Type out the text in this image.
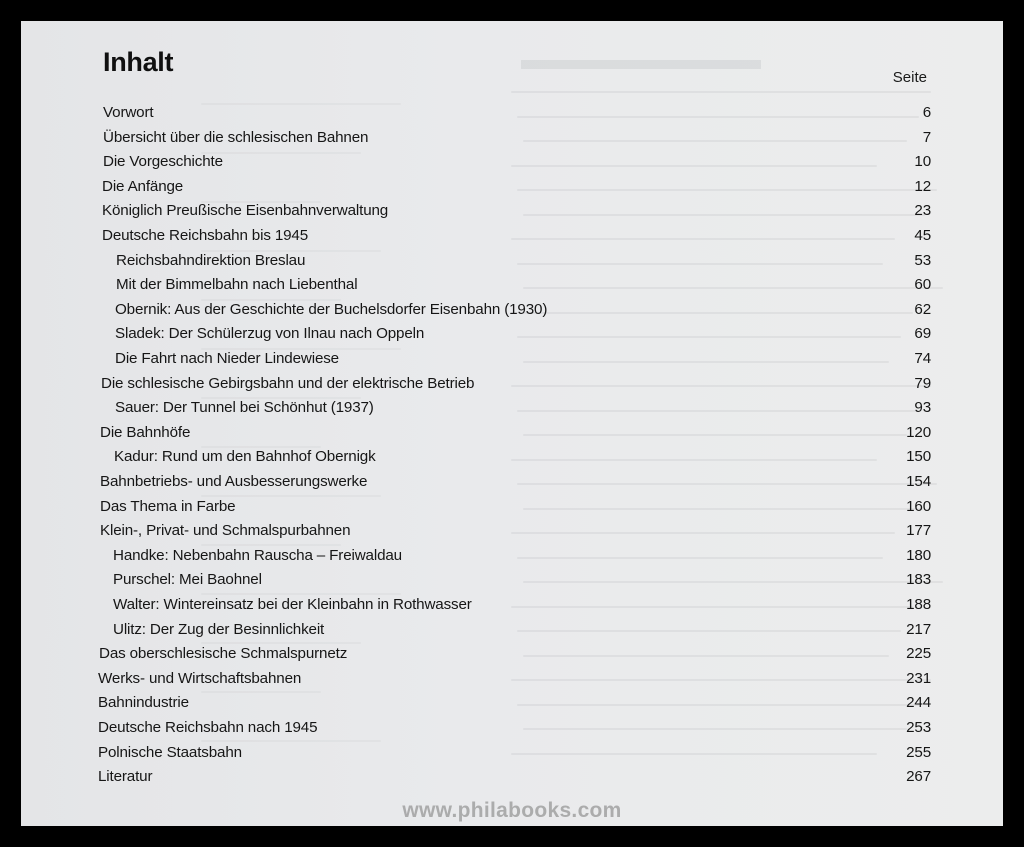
▬▬▬▬▬▬▬▬
Inhalt
Seite
Vorwort	6
Übersicht über die schlesischen Bahnen	7
Die Vorgeschichte	10
Die Anfänge	12
Königlich Preußische Eisenbahnverwaltung	23
Deutsche Reichsbahn bis 1945	45
Reichsbahndirektion Breslau	53
Mit der Bimmelbahn nach Liebenthal	60
Obernik: Aus der Geschichte der Buchelsdorfer Eisenbahn (1930)	62
Sladek: Der Schülerzug von Ilnau nach Oppeln	69
Die Fahrt nach Nieder Lindewiese	74
Die schlesische Gebirgsbahn und der elektrische Betrieb	79
Sauer: Der Tunnel bei Schönhut (1937)	93
Die Bahnhöfe	120
Kadur: Rund um den Bahnhof Obernigk	150
Bahnbetriebs- und Ausbesserungswerke	154
Das Thema in Farbe	160
Klein-, Privat- und Schmalspurbahnen	177
Handke: Nebenbahn Rauscha – Freiwaldau	180
Purschel: Mei Baohnel	183
Walter: Wintereinsatz bei der Kleinbahn in Rothwasser	188
Ulitz: Der Zug der Besinnlichkeit	217
Das oberschlesische Schmalspurnetz	225
Werks- und Wirtschaftsbahnen	231
Bahnindustrie	244
Deutsche Reichsbahn nach 1945	253
Polnische Staatsbahn	255
Literatur	267
www.philabooks.com
